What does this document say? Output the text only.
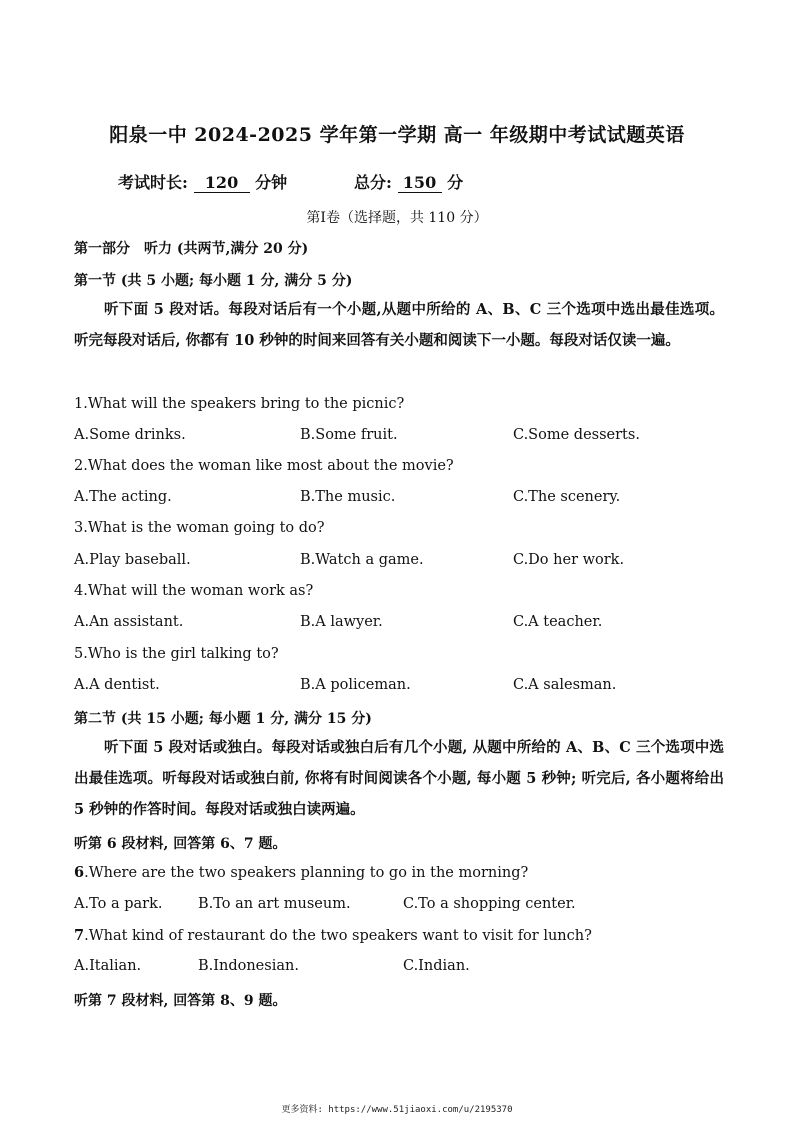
阳泉一中 2024-2025 学年第一学期 高一 年级期中考试试题英语
考试时长: 120 分钟	总分: 150 分
第Ⅰ卷（选择题，共 110 分）
第一部分　听力 (共两节,满分 20 分)
第一节 (共 5 小题; 每小题 1 分, 满分 5 分)
听下面 5 段对话。每段对话后有一个小题,从题中所给的 A、B、C 三个选项中选出最佳选项。听完每段对话后, 你都有 10 秒钟的时间来回答有关小题和阅读下一小题。每段对话仅读一遍。
1.What will the speakers bring to the picnic?
A.Some drinks.	B.Some fruit.	C.Some desserts.
2.What does the woman like most about the movie?
A.The acting.	B.The music.	C.The scenery.
3.What is the woman going to do?
A.Play baseball.	B.Watch a game.	C.Do her work.
4.What will the woman work as?
A.An assistant.	B.A lawyer.	C.A teacher.
5.Who is the girl talking to?
A.A dentist.	B.A policeman.	C.A salesman.
第二节 (共 15 小题; 每小题 1 分, 满分 15 分)
听下面 5 段对话或独白。每段对话或独白后有几个小题, 从题中所给的 A、B、C 三个选项中选出最佳选项。听每段对话或独白前, 你将有时间阅读各个小题, 每小题 5 秒钟; 听完后, 各小题将给出 5 秒钟的作答时间。每段对话或独白读两遍。
听第 6 段材料, 回答第 6、7 题。
6.Where are the two speakers planning to go in the morning?
A.To a park. B.To an art museum.	C.To a shopping center.
7.What kind of restaurant do the two speakers want to visit for lunch?
A.Italian.	B.Indonesian.	C.Indian.
听第 7 段材料, 回答第 8、9 题。
更多资料: https://www.51jiaoxi.com/u/2195370
